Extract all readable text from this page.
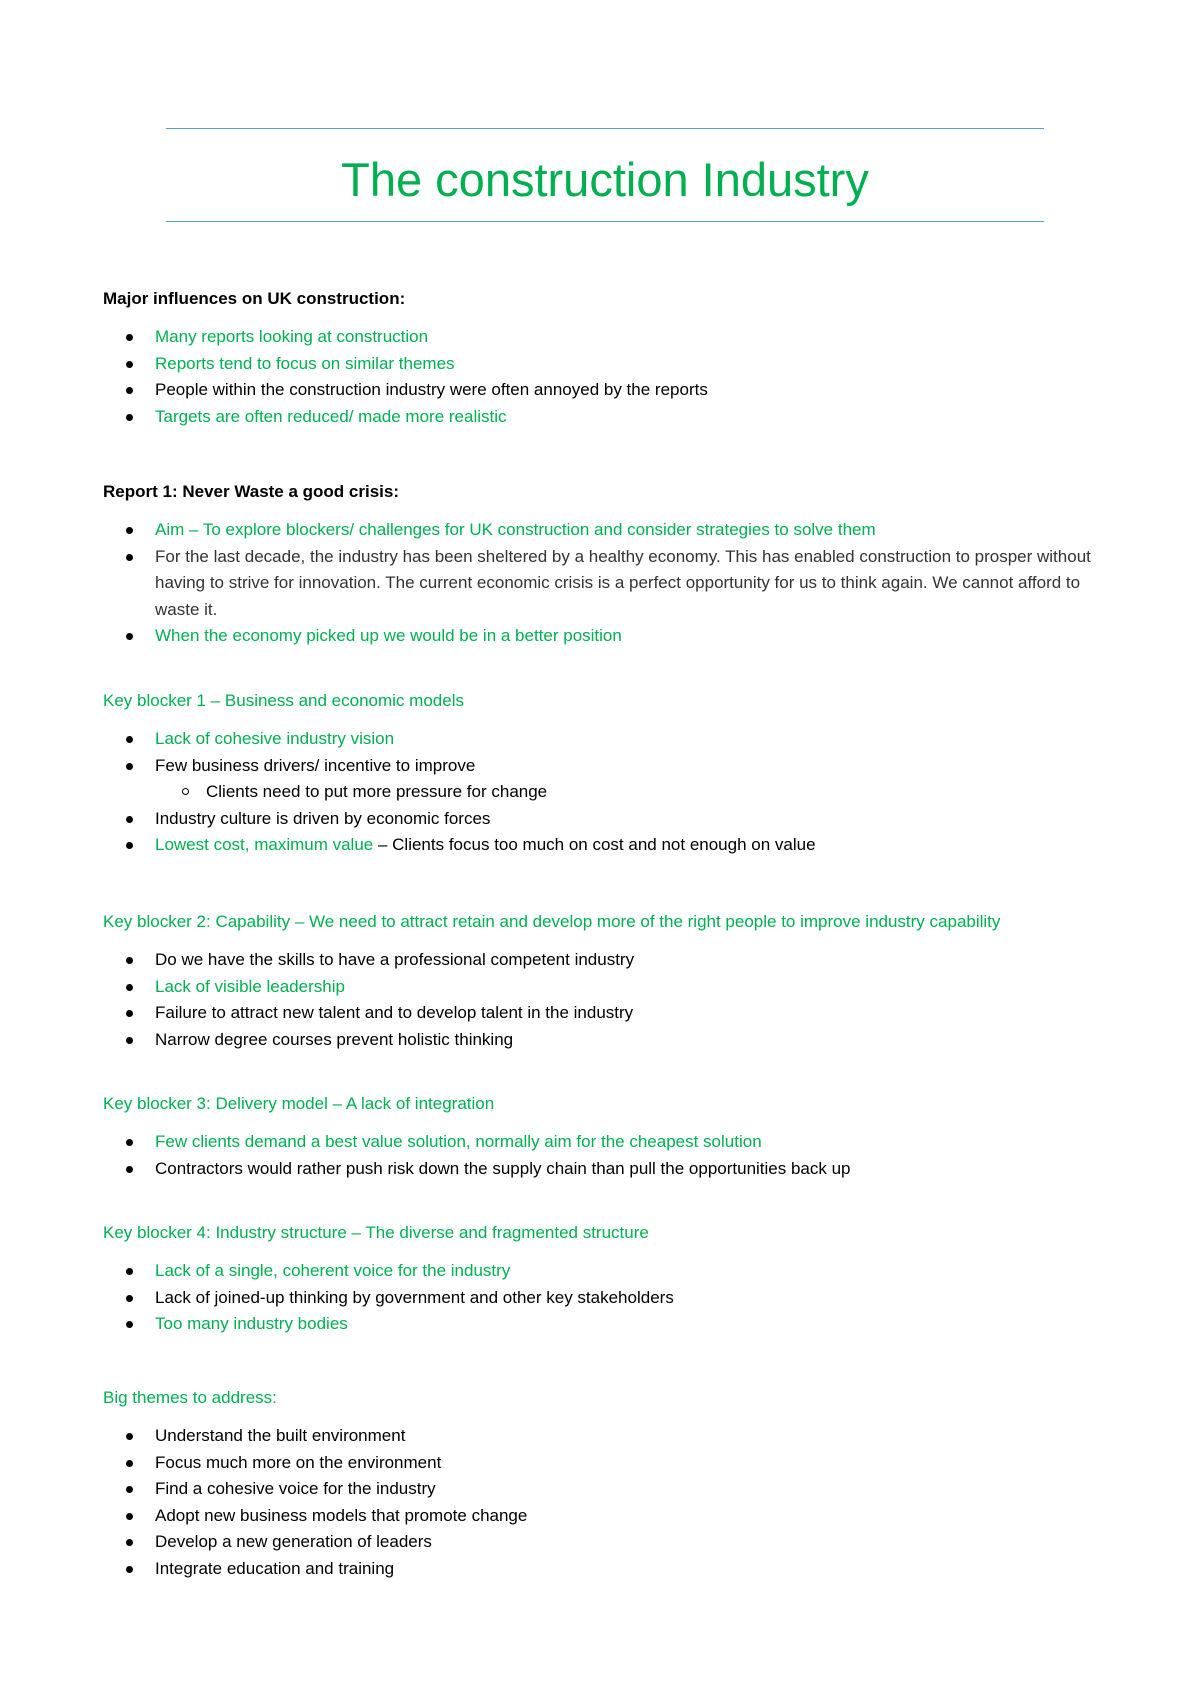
The construction Industry

Major influences on UK construction:

Many reports looking at construction
Reports tend to focus on similar themes
People within the construction industry were often annoyed by the reports
Targets are often reduced/ made more realistic

Report 1: Never Waste a good crisis:

Aim – To explore blockers/ challenges for UK construction and consider strategies to solve them
For the last decade, the industry has been sheltered by a healthy economy. This has enabled construction to prosper without having to strive for innovation. The current economic crisis is a perfect opportunity for us to think again. We cannot afford to waste it.
When the economy picked up we would be in a better position

Key blocker 1 – Business and economic models

Lack of cohesive industry vision
Few business drivers/ incentive to improve
Clients need to put more pressure for change
Industry culture is driven by economic forces
Lowest cost, maximum value – Clients focus too much on cost and not enough on value

Key blocker 2: Capability – We need to attract retain and develop more of the right people to improve industry capability

Do we have the skills to have a professional competent industry
Lack of visible leadership
Failure to attract new talent and to develop talent in the industry
Narrow degree courses prevent holistic thinking

Key blocker 3: Delivery model – A lack of integration

Few clients demand a best value solution, normally aim for the cheapest solution
Contractors would rather push risk down the supply chain than pull the opportunities back up

Key blocker 4: Industry structure – The diverse and fragmented structure

Lack of a single, coherent voice for the industry
Lack of joined-up thinking by government and other key stakeholders
Too many industry bodies

Big themes to address:

Understand the built environment
Focus much more on the environment
Find a cohesive voice for the industry
Adopt new business models that promote change
Develop a new generation of leaders
Integrate education and training
